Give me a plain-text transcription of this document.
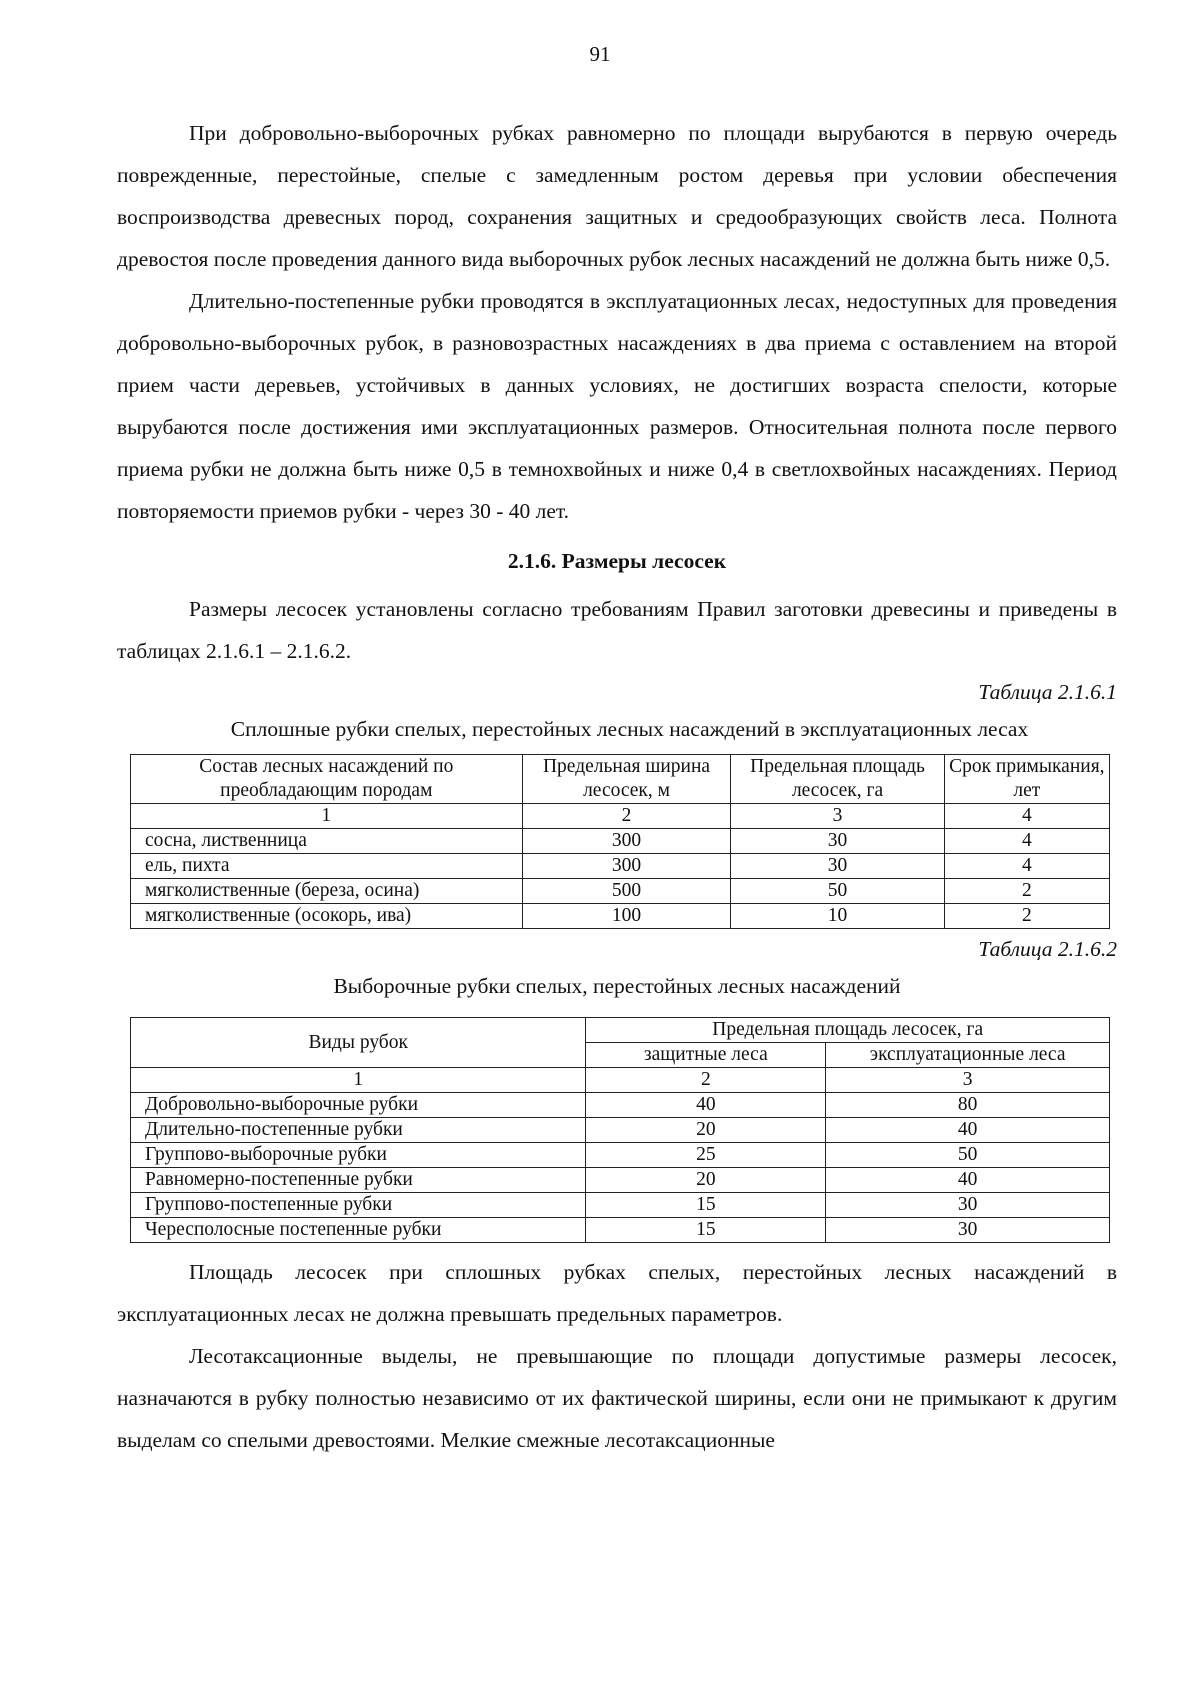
91

При добровольно-выборочных рубках равномерно по площади вырубаются в первую очередь поврежденные, перестойные, спелые с замедленным ростом деревья при условии обеспечения воспроизводства древесных пород, сохранения защитных и средообразующих свойств леса. Полнота древостоя после проведения данного вида выборочных рубок лесных насаждений не должна быть ниже 0,5.

Длительно-постепенные рубки проводятся в эксплуатационных лесах, недоступных для проведения добровольно-выборочных рубок, в разновозрастных насаждениях в два приема с оставлением на второй прием части деревьев, устойчивых в данных условиях, не достигших возраста спелости, которые вырубаются после достижения ими эксплуатационных размеров. Относительная полнота после первого приема рубки не должна быть ниже 0,5 в темнохвойных и ниже 0,4 в светлохвойных насаждениях. Период повторяемости приемов рубки - через 30 - 40 лет.

2.1.6. Размеры лесосек

Размеры лесосек установлены согласно требованиям Правил заготовки древесины и приведены в таблицах 2.1.6.1 – 2.1.6.2.

Таблица 2.1.6.1

Сплошные рубки спелых, перестойных лесных насаждений в эксплуатационных лесах

Состав лесных насаждений по преобладающим породам	Предельная ширина лесосек, м	Предельная площадь лесосек, га	Срок примыкания, лет
1	2	3	4
сосна, лиственница	300	30	4
ель, пихта	300	30	4
мягколиственные (береза, осина)	500	50	2
мягколиственные (осокорь, ива)	100	10	2

Таблица 2.1.6.2

Выборочные рубки спелых, перестойных лесных насаждений

Виды рубок	Предельная площадь лесосек, га	
	защитные леса	эксплуатационные леса
1	2	3
Добровольно-выборочные рубки	40	80
Длительно-постепенные рубки	20	40
Группово-выборочные рубки	25	50
Равномерно-постепенные рубки	20	40
Группово-постепенные рубки	15	30
Чересполосные постепенные рубки	15	30

Площадь лесосек при сплошных рубках спелых, перестойных лесных насаждений в эксплуатационных лесах не должна превышать предельных параметров.

Лесотаксационные выделы, не превышающие по площади допустимые размеры лесосек, назначаются в рубку полностью независимо от их фактической ширины, если они не примыкают к другим выделам со спелыми древостоями. Мелкие смежные лесотаксационные
